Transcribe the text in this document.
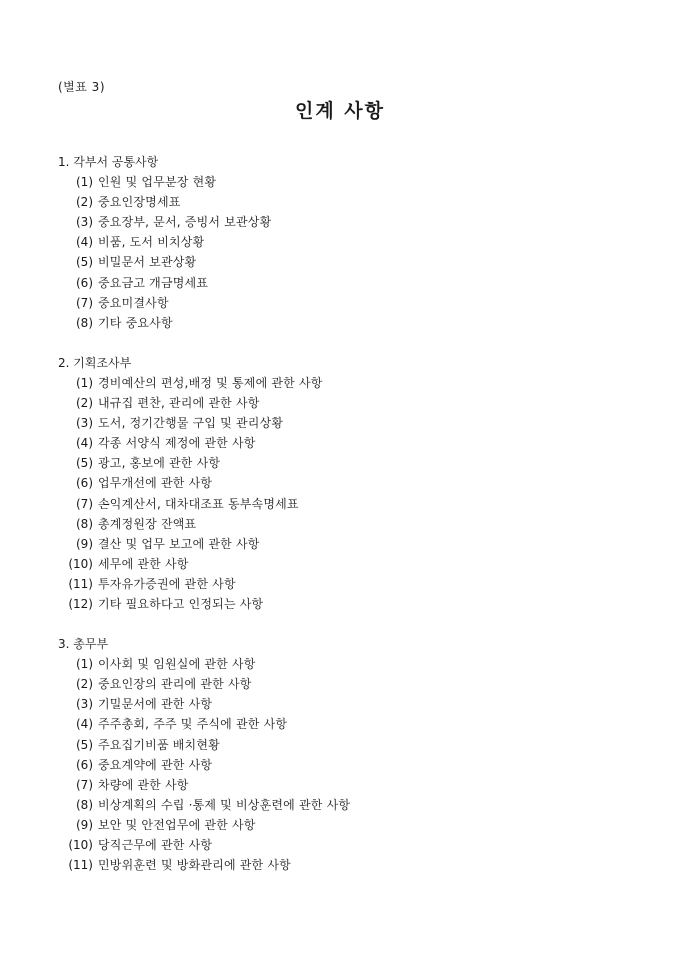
(별표 3)
인계 사항
1. 각부서 공통사항
(1) 인원 및 업무분장 현황
(2) 중요인장명세표
(3) 중요장부, 문서, 증빙서 보관상황
(4) 비품, 도서 비치상황
(5) 비밀문서 보관상황
(6) 중요금고 개금명세표
(7) 중요미결사항
(8) 기타 중요사항
2. 기획조사부
(1) 경비예산의 편성,배정 및 통제에 관한 사항
(2) 내규집 편찬, 관리에 관한 사항
(3) 도서, 정기간행물 구입 및 관리상황
(4) 각종 서양식 제정에 관한 사항
(5) 광고, 홍보에 관한 사항
(6) 업무개선에 관한 사항
(7) 손익계산서, 대차대조표 동부속명세표
(8) 총계정원장 잔액표
(9) 결산 및 업무 보고에 관한 사항
(10) 세무에 관한 사항
(11) 투자유가증권에 관한 사항
(12) 기타 필요하다고 인정되는 사항
3. 총무부
(1) 이사회 및 임원실에 관한 사항
(2) 중요인장의 관리에 관한 사항
(3) 기밀문서에 관한 사항
(4) 주주총회, 주주 및 주식에 관한 사항
(5) 주요집기비품 배치현황
(6) 중요계약에 관한 사항
(7) 차량에 관한 사항
(8) 비상계획의 수립 ·통제 및 비상훈련에 관한 사항
(9) 보안 및 안전업무에 관한 사항
(10) 당직근무에 관한 사항
(11) 민방위훈련 및 방화관리에 관한 사항
